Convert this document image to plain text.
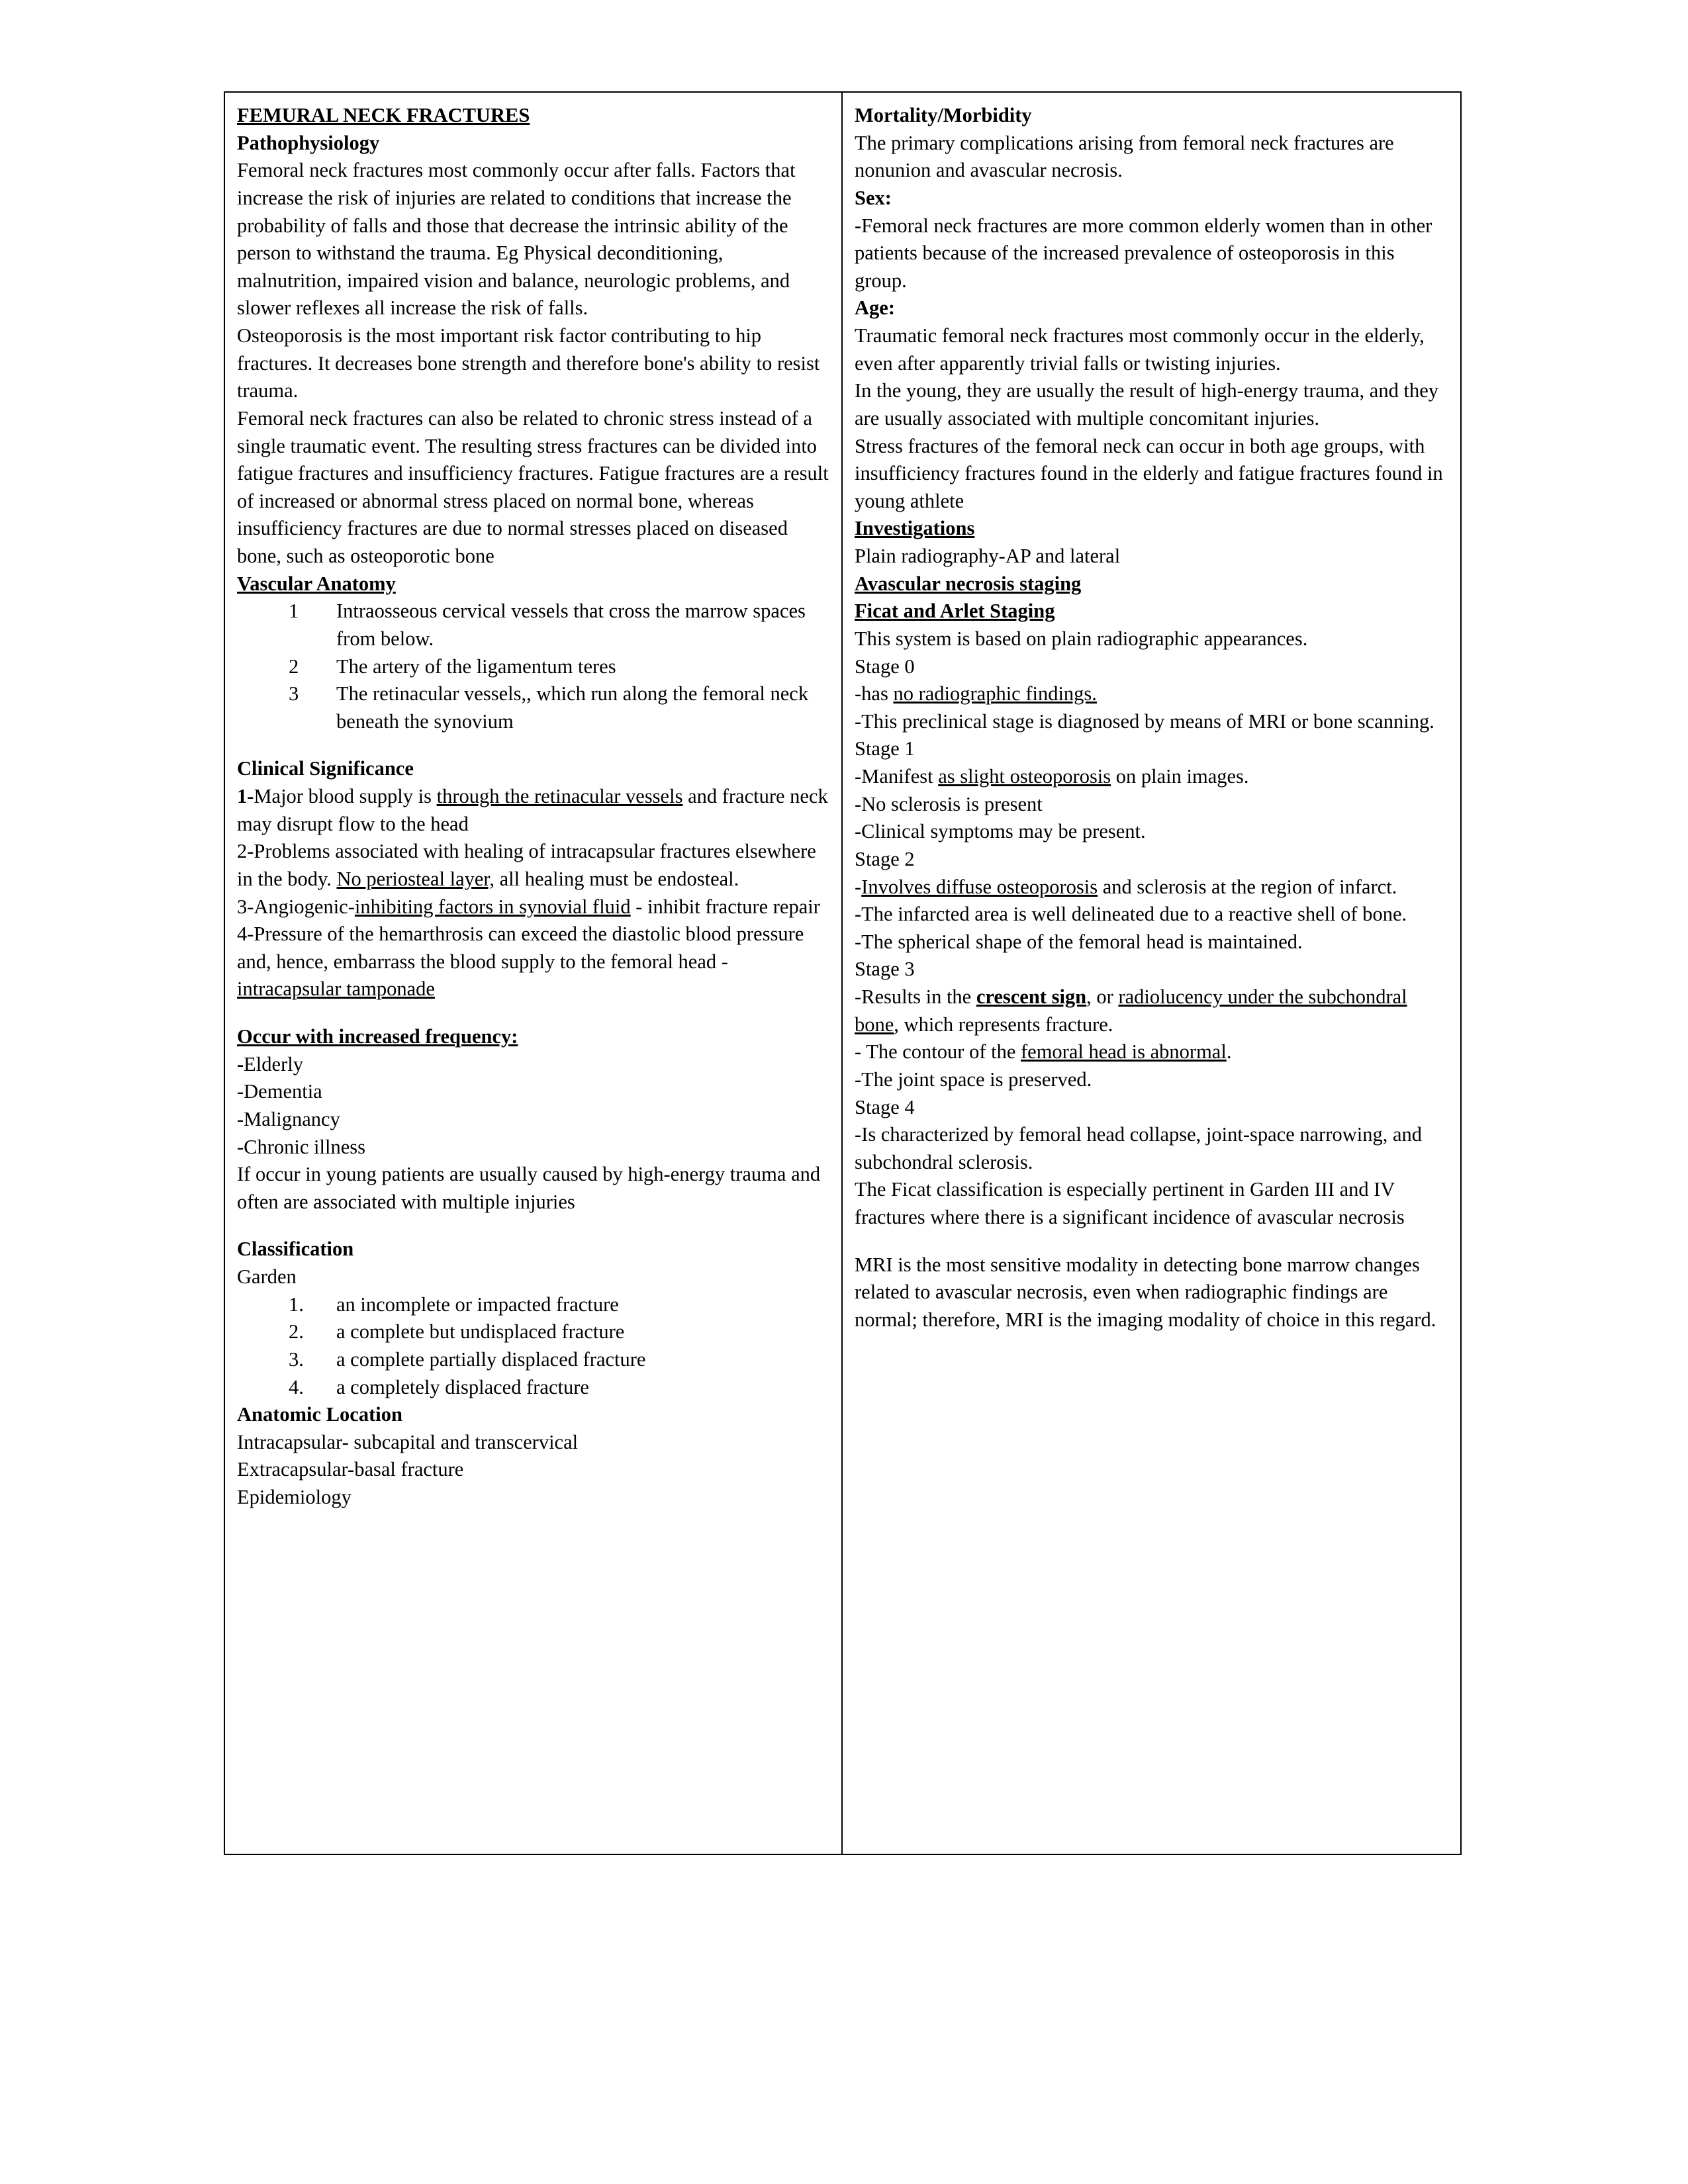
FEMURAL NECK FRACTURES

Pathophysiology

Femoral neck fractures most commonly occur after falls. Factors that increase the risk of injuries are related to conditions that increase the probability of falls and those that decrease the intrinsic ability of the person to withstand the trauma. Eg Physical deconditioning, malnutrition, impaired vision and balance, neurologic problems, and slower reflexes all increase the risk of falls.

Osteoporosis is the most important risk factor contributing to hip fractures. It decreases bone strength and therefore bone's ability to resist trauma.

Femoral neck fractures can also be related to chronic stress instead of a single traumatic event. The resulting stress fractures can be divided into fatigue fractures and insufficiency fractures. Fatigue fractures are a result of increased or abnormal stress placed on normal bone, whereas insufficiency fractures are due to normal stresses placed on diseased bone, such as osteoporotic bone

Vascular Anatomy

1	Intraosseous cervical vessels that cross the marrow spaces from below.
2	The artery of the ligamentum teres
3	The retinacular vessels,, which run along the femoral neck beneath the synovium

Clinical Significance

1-Major blood supply is through the retinacular vessels and fracture neck may disrupt flow to the head

2-Problems associated with healing of intracapsular fractures elsewhere in the body. No periosteal layer, all healing must be endosteal.

3-Angiogenic-inhibiting factors in synovial fluid - inhibit fracture repair

4-Pressure of the hemarthrosis can exceed the diastolic blood pressure and, hence, embarrass the blood supply to the femoral head - intracapsular tamponade

Occur with increased frequency:

-Elderly

-Dementia

-Malignancy

-Chronic illness

If occur in young patients are usually caused by high-energy trauma and often are associated with multiple injuries

Classification

Garden

1.	an incomplete or impacted fracture
2.	a complete but undisplaced fracture
3.	a complete partially displaced fracture
4.	a completely displaced fracture

Anatomic Location

Intracapsular- subcapital and transcervical

Extracapsular-basal fracture

Epidemiology

Mortality/Morbidity

The primary complications arising from femoral neck fractures are nonunion and avascular necrosis.

Sex:

-Femoral neck fractures are more common elderly women than in other patients because of the increased prevalence of osteoporosis in this group.

Age:

Traumatic femoral neck fractures most commonly occur in the elderly, even after apparently trivial falls or twisting injuries.

In the young, they are usually the result of high-energy trauma, and they are usually associated with multiple concomitant injuries.

Stress fractures of the femoral neck can occur in both age groups, with insufficiency fractures found in the elderly and fatigue fractures found in young athlete

Investigations

Plain radiography-AP and lateral

Avascular necrosis staging

Ficat and Arlet Staging

This system is based on plain radiographic appearances.

Stage 0

-has no radiographic findings.

-This preclinical stage is diagnosed by means of MRI or bone scanning.

Stage 1

-Manifest as slight osteoporosis on plain images.

-No sclerosis is present

-Clinical symptoms may be present.

Stage 2

-Involves diffuse osteoporosis and sclerosis at the region of infarct.

-The infarcted area is well delineated due to a reactive shell of bone.

-The spherical shape of the femoral head is maintained.

Stage 3

-Results in the crescent sign, or radiolucency under the subchondral bone, which represents fracture.

- The contour of the femoral head is abnormal.

-The joint space is preserved.

Stage 4

-Is characterized by femoral head collapse, joint-space narrowing, and subchondral sclerosis.

The Ficat classification is especially pertinent in Garden III and IV fractures where there is a significant incidence of avascular necrosis

MRI is the most sensitive modality in detecting bone marrow changes related to avascular necrosis, even when radiographic findings are normal; therefore, MRI is the imaging modality of choice in this regard.
